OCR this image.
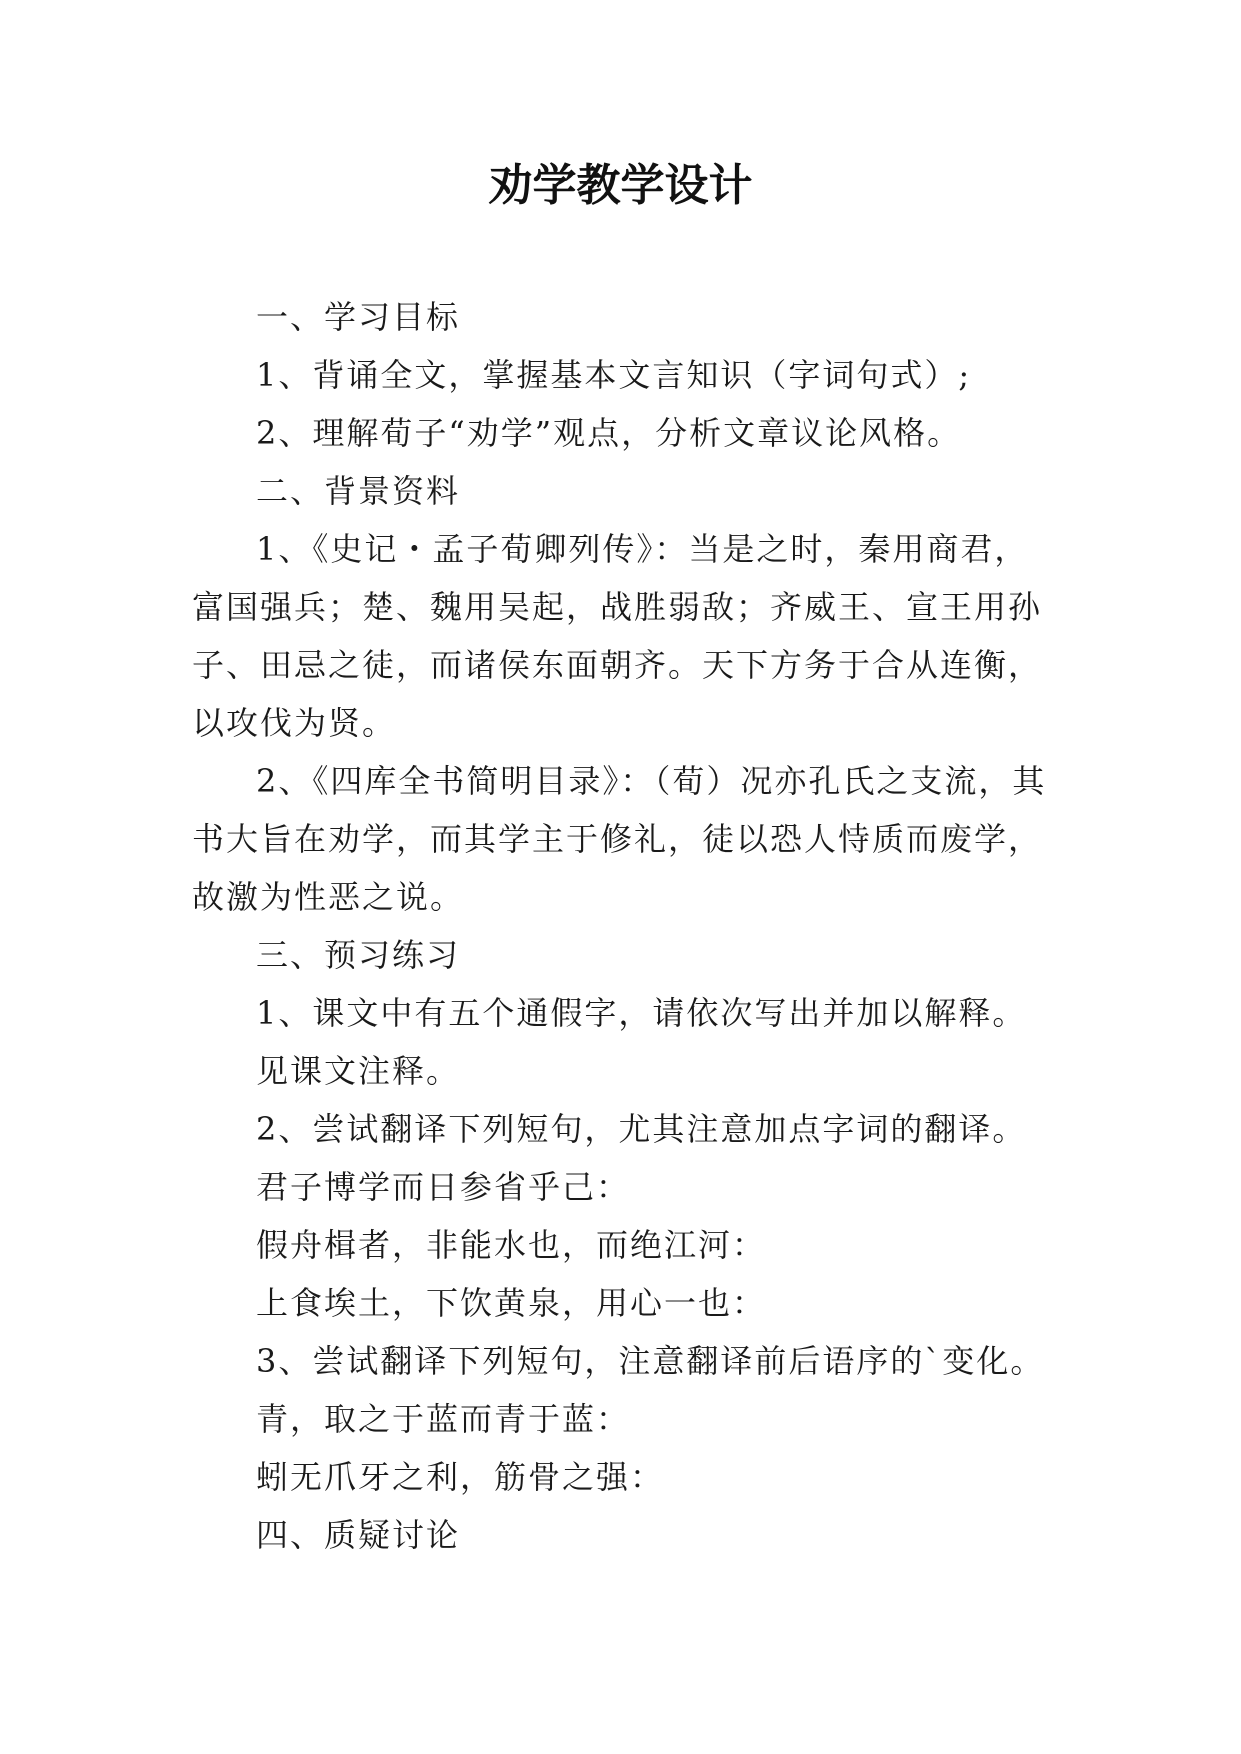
劝学教学设计

一、学习目标

1、背诵全文，掌握基本文言知识（字词句式）;

2、理解荀子“劝学”观点，分析文章议论风格。

二、背景资料

1、《史记・孟子荀卿列传》：当是之时，秦用商君，富国强兵；楚、魏用吴起，战胜弱敌；齐威王、宣王用孙子、田忌之徒，而诸侯东面朝齐。天下方务于合从连衡，以攻伐为贤。

2、《四库全书简明目录》：（荀）况亦孔氏之支流，其书大旨在劝学，而其学主于修礼，徒以恐人恃质而废学，故激为性恶之说。

三、预习练习

1、课文中有五个通假字，请依次写出并加以解释。

见课文注释。

2、尝试翻译下列短句，尤其注意加点字词的翻译。

君子博学而日参省乎己：

假舟楫者，非能水也，而绝江河：

上食埃土，下饮黄泉，用心一也：

3、尝试翻译下列短句，注意翻译前后语序的`变化。

青，取之于蓝而青于蓝：

蚓无爪牙之利，筋骨之强：

四、质疑讨论
